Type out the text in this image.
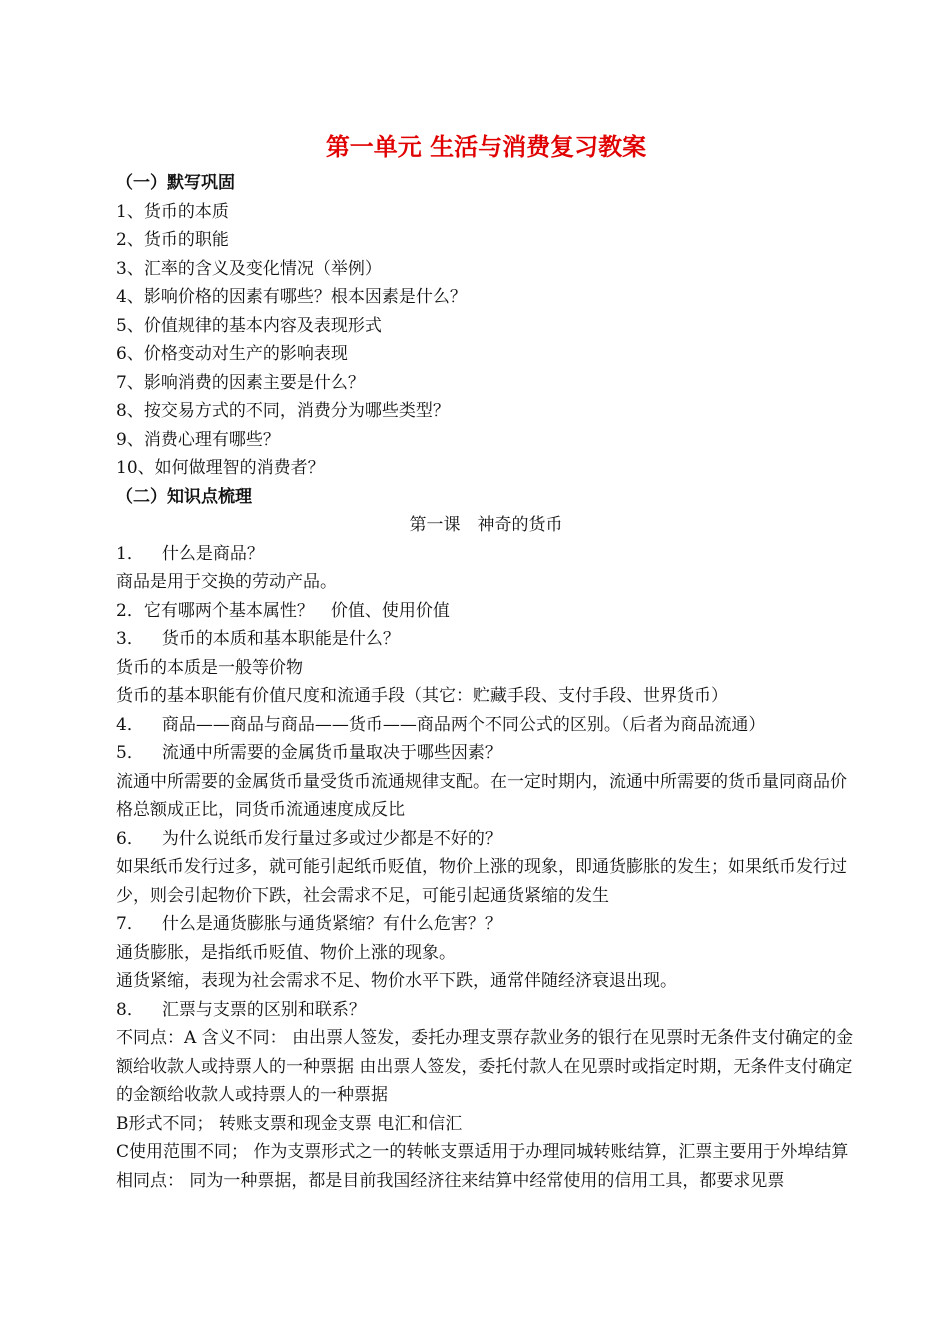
第一单元 生活与消费复习教案
（一）默写巩固
1、货币的本质
2、货币的职能
3、汇率的含义及变化情况（举例）
4、影响价格的因素有哪些？根本因素是什么？
5、价值规律的基本内容及表现形式
6、价格变动对生产的影响表现
7、影响消费的因素主要是什么？
8、按交易方式的不同，消费分为哪些类型？
9、消费心理有哪些？
10、如何做理智的消费者？
（二）知识点梳理
第一课　神奇的货币
1． 什么是商品？
商品是用于交换的劳动产品。
2．它有哪两个基本属性？　价值、使用价值
3． 货币的本质和基本职能是什么？
货币的本质是一般等价物
货币的基本职能有价值尺度和流通手段（其它：贮藏手段、支付手段、世界货币）
4． 商品——商品与商品——货币——商品两个不同公式的区别。（后者为商品流通）
5． 流通中所需要的金属货币量取决于哪些因素？
流通中所需要的金属货币量受货币流通规律支配。在一定时期内，流通中所需要的货币量同商品价格总额成正比，同货币流通速度成反比
6． 为什么说纸币发行量过多或过少都是不好的？
如果纸币发行过多，就可能引起纸币贬值，物价上涨的现象，即通货膨胀的发生；如果纸币发行过少，则会引起物价下跌，社会需求不足，可能引起通货紧缩的发生
7． 什么是通货膨胀与通货紧缩？有什么危害？？
通货膨胀，是指纸币贬值、物价上涨的现象。
通货紧缩，表现为社会需求不足、物价水平下跌，通常伴随经济衰退出现。
8． 汇票与支票的区别和联系？
不同点：A 含义不同： 由出票人签发，委托办理支票存款业务的银行在见票时无条件支付确定的金额给收款人或持票人的一种票据 由出票人签发，委托付款人在见票时或指定时期，无条件支付确定的金额给收款人或持票人的一种票据
B形式不同； 转账支票和现金支票 电汇和信汇
C使用范围不同； 作为支票形式之一的转帐支票适用于办理同城转账结算，汇票主要用于外埠结算
相同点： 同为一种票据，都是目前我国经济往来结算中经常使用的信用工具，都要求见票
